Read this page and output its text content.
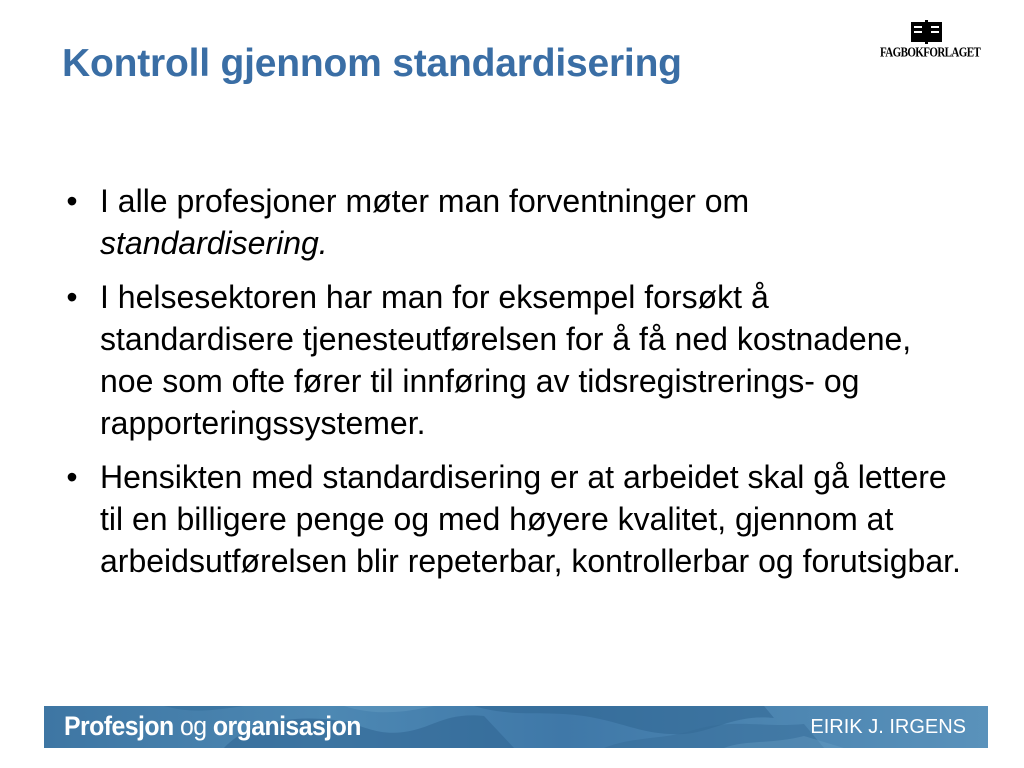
Kontroll gjennom standardisering	FAGBOKFORLAGET
• I alle profesjoner møter man forventninger om
standardisering.
• I helsesektoren har man for eksempel forsøkt å standardisere tjenesteutførelsen for å få ned kostnadene, noe som ofte fører til innføring av tidsregistrerings- og rapporteringssystemer.
• Hensikten med standardisering er at arbeidet skal gå lettere til en billigere penge og med høyere kvalitet, gjennom at arbeidsutførelsen blir repeterbar, kontrollerbar og forutsigbar.
Profesjon og organisasjon	EIRIK J. IRGENS
